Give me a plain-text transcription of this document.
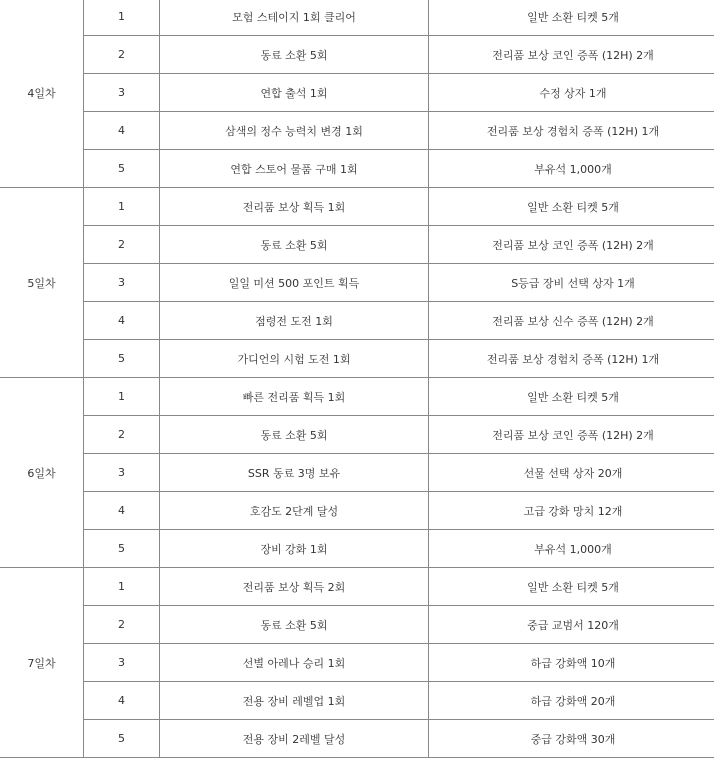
4일차	1	모험 스테이지 1회 클리어	일반 소환 티켓 5개
	2	동료 소환 5회	전리품 보상 코인 증폭 (12H) 2개
	3	연합 출석 1회	수정 상자 1개
	4	삼색의 정수 능력치 변경 1회	전리품 보상 경험치 증폭 (12H) 1개
	5	연합 스토어 물품 구매 1회	부유석 1,000개
5일차	1	전리품 보상 획득 1회	일반 소환 티켓 5개
	2	동료 소환 5회	전리품 보상 코인 증폭 (12H) 2개
	3	일일 미션 500 포인트 획득	S등급 장비 선택 상자 1개
	4	점령전 도전 1회	전리품 보상 신수 증폭 (12H) 2개
	5	가디언의 시험 도전 1회	전리품 보상 경험치 증폭 (12H) 1개
6일차	1	빠른 전리품 획득 1회	일반 소환 티켓 5개
	2	동료 소환 5회	전리품 보상 코인 증폭 (12H) 2개
	3	SSR 동료 3명 보유	선물 선택 상자 20개
	4	호감도 2단계 달성	고급 강화 망치 12개
	5	장비 강화 1회	부유석 1,000개
7일차	1	전리품 보상 획득 2회	일반 소환 티켓 5개
	2	동료 소환 5회	중급 교범서 120개
	3	선별 아레나 승리 1회	하급 강화액 10개
	4	전용 장비 레벨업 1회	하급 강화액 20개
	5	전용 장비 2레벨 달성	중급 강화액 30개
